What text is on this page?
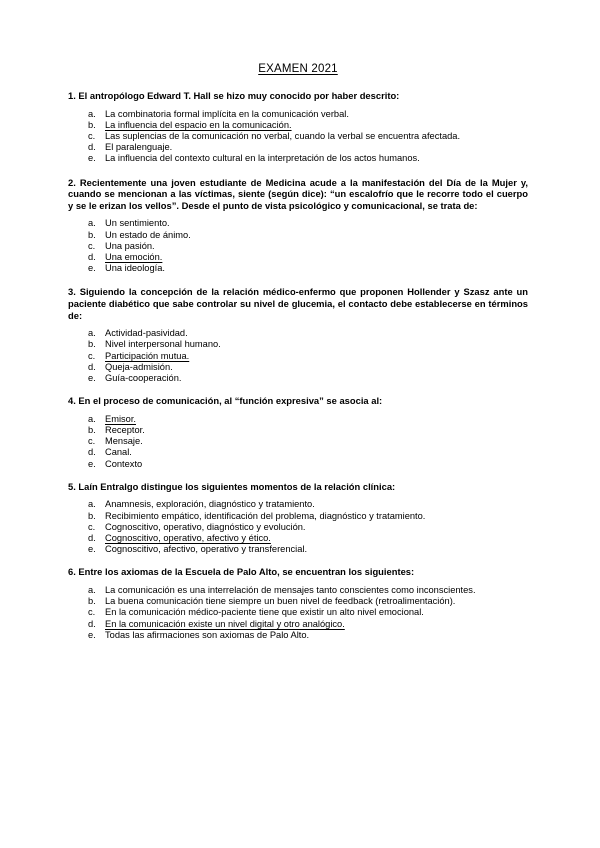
EXAMEN 2021

1. El antropólogo Edward T. Hall se hizo muy conocido por haber descrito:

a. La combinatoria formal implícita en la comunicación verbal.
b. La influencia del espacio en la comunicación.
c.	Las suplencias de la comunicación no verbal, cuando la verbal se encuentra afectada.
d. El paralenguaje.
e. La influencia del contexto cultural en la interpretación de los actos humanos.

2. Recientemente una joven estudiante de Medicina acude a la manifestación del Día de la Mujer y, cuando se mencionan a las víctimas, siente (según dice): “un escalofrío que le recorre todo el cuerpo y se le erizan los vellos”. Desde el punto de vista psicológico y comunicacional, se trata de:

a. Un sentimiento.
b. Un estado de ánimo.
c.	Una pasión.
d. Una emoción.
e. Una ideología.

3. Siguiendo la concepción de la relación médico-enfermo que proponen Hollender y Szasz ante un paciente diabético que sabe controlar su nivel de glucemia, el contacto debe establecerse en términos de:

a. Actividad-pasividad.
b. Nivel interpersonal humano.
c.	Participación mutua.
d. Queja-admisión.
e. Guía-cooperación.

4. En el proceso de comunicación, al “función expresiva” se asocia al:

a. Emisor.
b. Receptor.
c.	Mensaje.
d. Canal.
e. Contexto

5. Laín Entralgo distingue los siguientes momentos de la relación clínica:

a. Anamnesis, exploración, diagnóstico y tratamiento.
b. Recibimiento empático, identificación del problema, diagnóstico y tratamiento.
c.	Cognoscitivo, operativo, diagnóstico y evolución.
d. Cognoscitivo, operativo, afectivo y ético.
e. Cognoscitivo, afectivo, operativo y transferencial.

6. Entre los axiomas de la Escuela de Palo Alto, se encuentran los siguientes:

a. La comunicación es una interrelación de mensajes tanto conscientes como inconscientes.
b. La buena comunicación tiene siempre un buen nivel de feedback (retroalimentación).
c.	En la comunicación médico-paciente tiene que existir un alto nivel emocional.
d. En la comunicación existe un nivel digital y otro analógico.
e. Todas las afirmaciones son axiomas de Palo Alto.
